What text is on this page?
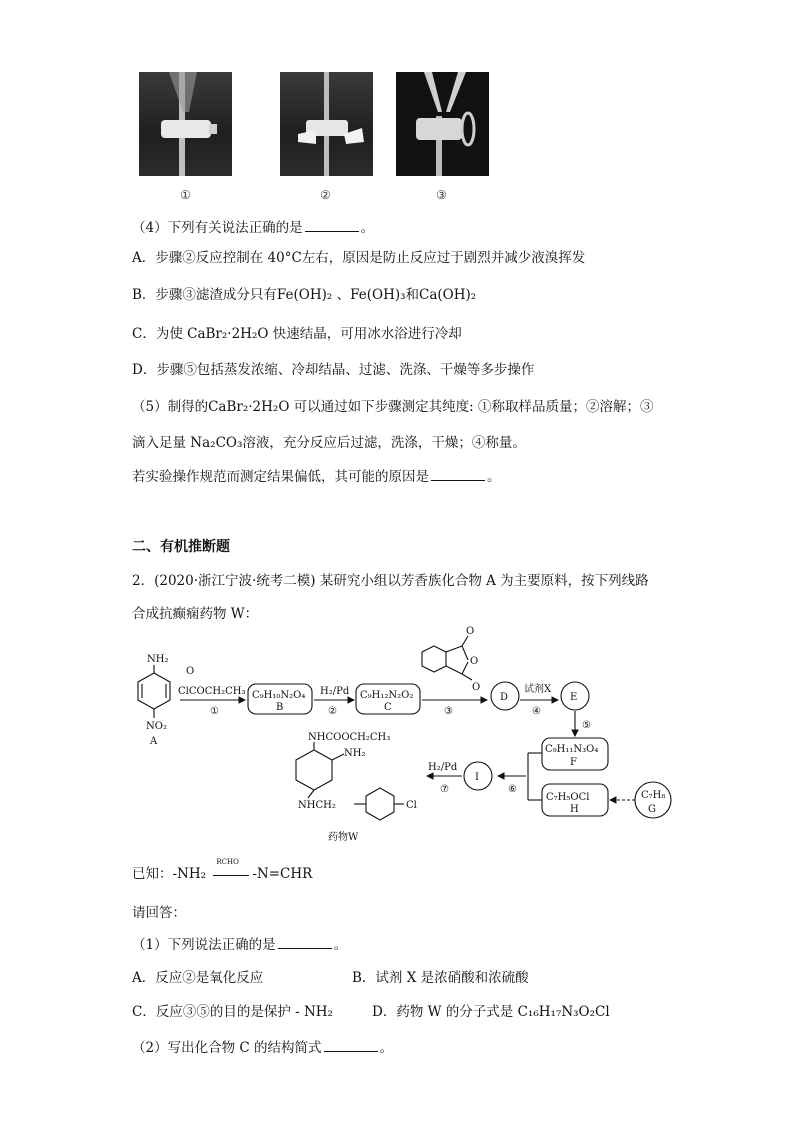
①	②	③
（4）下列有关说法正确的是	。
A．步骤②反应控制在 40°C左右，原因是防止反应过于剧烈并减少液溴挥发
B．步骤③滤渣成分只有Fe(OH)₂ 、Fe(OH)₃和Ca(OH)₂
C．为使 CaBr₂·2H₂O 快速结晶，可用冰水浴进行冷却
D．步骤⑤包括蒸发浓缩、冷却结晶、过滤、洗涤、干燥等多步操作
（5）制得的CaBr₂·2H₂O 可以通过如下步骤测定其纯度: ①称取样品质量；②溶解；③
滴入足量 Na₂CO₃溶液，充分反应后过滤，洗涤，干燥；④称量。
若实验操作规范而测定结果偏低，其可能的原因是	。
二、有机推断题
2．(2020·浙江宁波·统考二模) 某研究小组以芳香族化合物 A 为主要原料，按下列线路
合成抗癫痫药物 W：
NH₂
NO₂
A
O
ClCOCH₂CH₃
①
C₉H₁₀N₂O₄
B
H₂/Pd
②
C₉H₁₂N₂O₂
C	③
O
O
O
D
试剂X
④
E
⑤
C₉H₁₁N₃O₄
F
⑥
I
H₂/Pd
⑦
C₇H₅OCl
H
C₇H₈
G
NHCOOCH₂CH₃
NH₂
NHCH₂	Cl
药物W
已知：-NH₂
RCHO
-N=CHR
请回答：
（1）下列说法正确的是	。
A．反应②是氧化反应	B．试剂 X 是浓硝酸和浓硫酸
C．反应③⑤的目的是保护 - NH₂	D．药物 W 的分子式是 C₁₆H₁₇N₃O₂Cl
（2）写出化合物 C 的结构简式	。
